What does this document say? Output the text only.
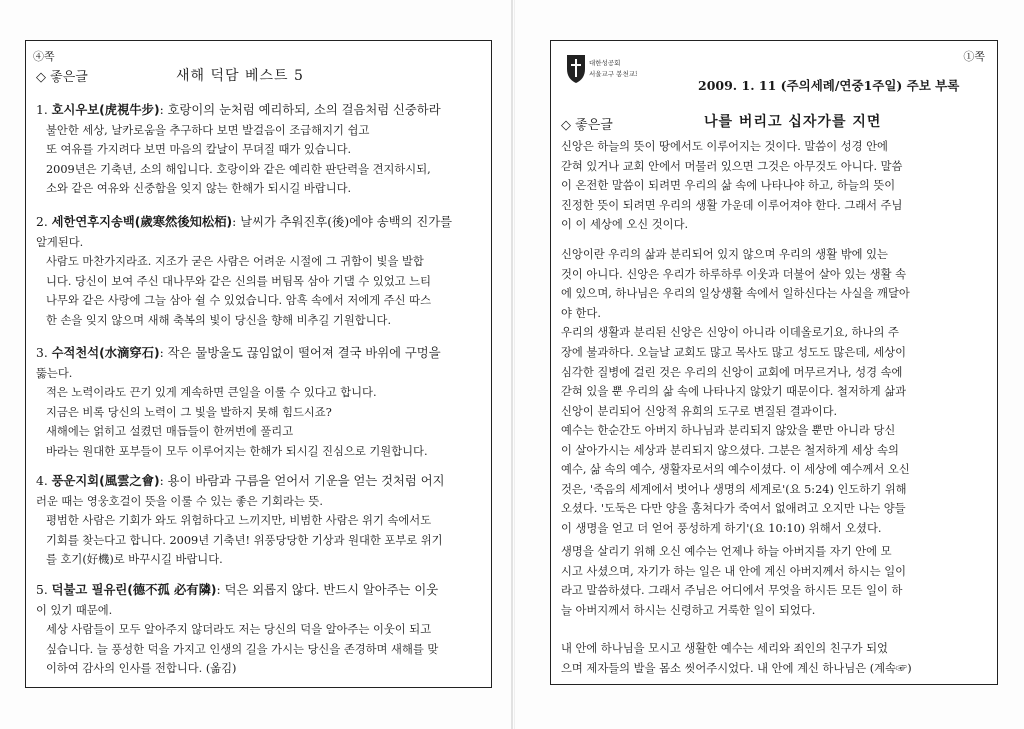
④쪽
◇ 좋은글	새해 덕담 베스트 5
1. 호시우보(虎視牛步): 호랑이의 눈처럼 예리하되, 소의 걸음처럼 신중하라
불안한 세상, 날카로움을 추구하다 보면 발걸음이 조급해지기 쉽고
또 여유를 가지려다 보면 마음의 칼날이 무뎌질 때가 있습니다.
2009년은 기축년, 소의 해입니다. 호랑이와 같은 예리한 판단력을 견지하시되,
소와 같은 여유와 신중함을 잊지 않는 한해가 되시길 바랍니다.
2. 세한연후지송백(歲寒然後知松栢): 날씨가 추워진후(後)에야 송백의 진가를
알게된다.
사람도 마찬가지라죠. 지조가 굳은 사람은 어려운 시절에 그 귀함이 빛을 발합
니다. 당신이 보여 주신 대나무와 같은 신의를 버팀목 삼아 기댈 수 있었고 느티
나무와 같은 사랑에 그늘 삼아 쉴 수 있었습니다. 암흑 속에서 저에게 주신 따스
한 손을 잊지 않으며 새해 축복의 빛이 당신을 향해 비추길 기원합니다.
3. 수적천석(水滴穿石): 작은 물방울도 끊임없이 떨어져 결국 바위에 구멍을
뚫는다.
적은 노력이라도 끈기 있게 계속하면 큰일을 이룰 수 있다고 합니다.
지금은 비록 당신의 노력이 그 빛을 발하지 못해 힘드시죠?
새해에는 얽히고 설켰던 매듭들이 한꺼번에 풀리고
바라는 원대한 포부들이 모두 이루어지는 한해가 되시길 진심으로 기원합니다.
4. 풍운지회(風雲之會): 용이 바람과 구름을 얻어서 기운을 얻는 것처럼 어지
러운 때는 영웅호걸이 뜻을 이룰 수 있는 좋은 기회라는 뜻.
평범한 사람은 기회가 와도 위험하다고 느끼지만, 비범한 사람은 위기 속에서도
기회를 찾는다고 합니다. 2009년 기축년! 위풍당당한 기상과 원대한 포부로 위기
를 호기(好機)로 바꾸시길 바랍니다.
5. 덕불고 필유린(德不孤 必有隣): 덕은 외롭지 않다. 반드시 알아주는 이웃
이 있기 때문에.
세상 사람들이 모두 알아주지 않더라도 저는 당신의 덕을 알아주는 이웃이 되고
싶습니다. 늘 풍성한 덕을 가지고 인생의 길을 가시는 당신을 존경하며 새해를 맞
이하여 감사의 인사를 전합니다. (옮김)
대한성공회
서울교구 봉천교회
①쪽
2009. 1. 11 (주의세례/연중1주일) 주보 부록
◇ 좋은글	나를 버리고 십자가를 지면
신앙은 하늘의 뜻이 땅에서도 이루어지는 것이다. 말씀이 성경 안에
갇혀 있거나 교회 안에서 머물러 있으면 그것은 아무것도 아니다. 말씀
이 온전한 말씀이 되려면 우리의 삶 속에 나타나야 하고, 하늘의 뜻이
진정한 뜻이 되려면 우리의 생활 가운데 이루어져야 한다. 그래서 주님
이 이 세상에 오신 것이다.
신앙이란 우리의 삶과 분리되어 있지 않으며 우리의 생활 밖에 있는
것이 아니다. 신앙은 우리가 하루하루 이웃과 더불어 살아 있는 생활 속
에 있으며, 하나님은 우리의 일상생활 속에서 일하신다는 사실을 깨달아
야 한다.
우리의 생활과 분리된 신앙은 신앙이 아니라 이데올로기요, 하나의 주
장에 불과하다. 오늘날 교회도 많고 목사도 많고 성도도 많은데, 세상이
심각한 질병에 걸린 것은 우리의 신앙이 교회에 머무르거나, 성경 속에
갇혀 있을 뿐 우리의 삶 속에 나타나지 않았기 때문이다. 철저하게 삶과
신앙이 분리되어 신앙적 유희의 도구로 변질된 결과이다.
예수는 한순간도 아버지 하나님과 분리되지 않았을 뿐만 아니라 당신
이 살아가시는 세상과 분리되지 않으셨다. 그분은 철저하게 세상 속의
예수, 삶 속의 예수, 생활자로서의 예수이셨다. 이 세상에 예수께서 오신
것은, '죽음의 세계에서 벗어나 생명의 세계로'(요 5:24) 인도하기 위해
오셨다. '도둑은 다만 양을 훔쳐다가 죽여서 없애려고 오지만 나는 양들
이 생명을 얻고 더 얻어 풍성하게 하기'(요 10:10) 위해서 오셨다.
생명을 살리기 위해 오신 예수는 언제나 하늘 아버지를 자기 안에 모
시고 사셨으며, 자기가 하는 일은 내 안에 계신 아버지께서 하시는 일이
라고 말씀하셨다. 그래서 주님은 어디에서 무엇을 하시든 모든 일이 하
늘 아버지께서 하시는 신령하고 거룩한 일이 되었다.
내 안에 하나님을 모시고 생활한 예수는 세리와 죄인의 친구가 되었
으며 제자들의 발을 몸소 씻어주시었다. 내 안에 계신 하나님은 (계속☞)
